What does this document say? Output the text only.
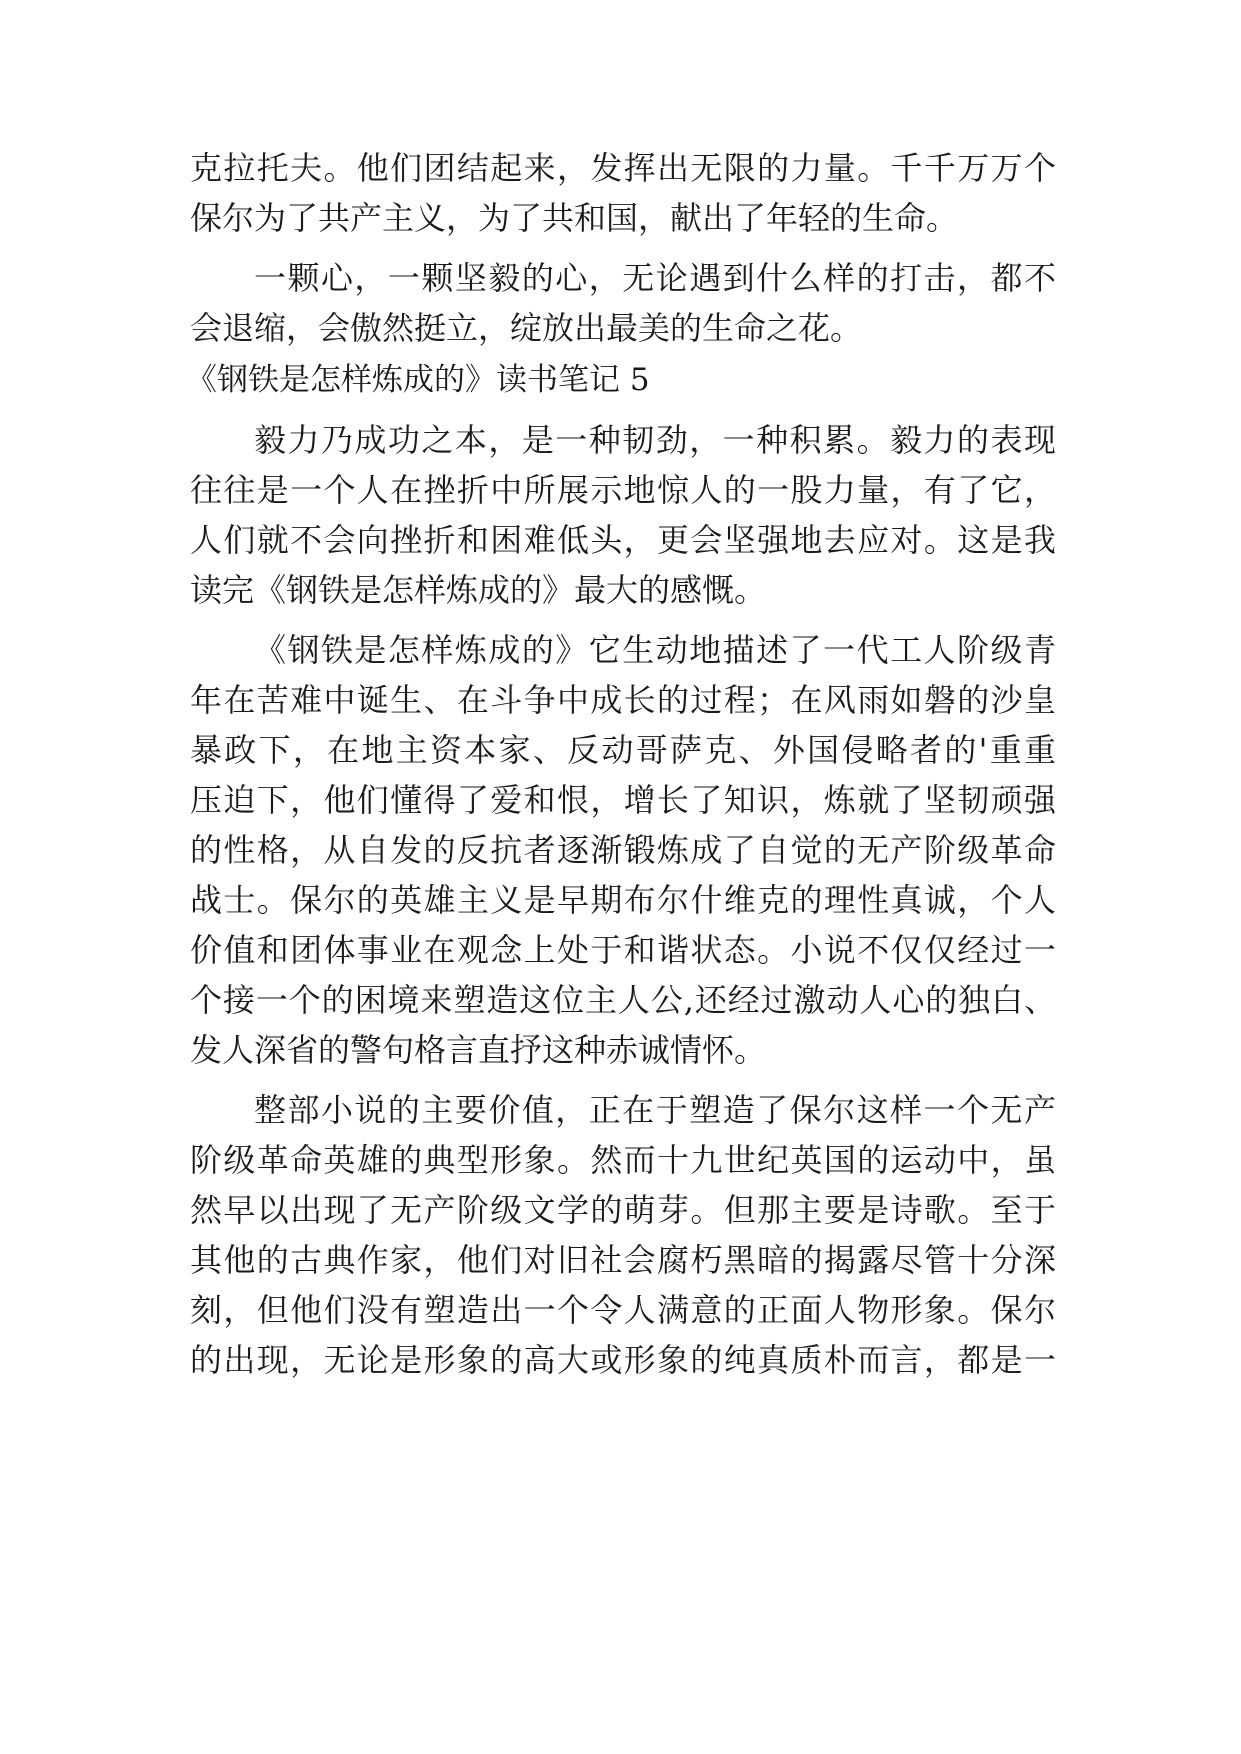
克拉托夫。他们团结起来，发挥出无限的力量。千千万万个
保尔为了共产主义，为了共和国，献出了年轻的生命。
一颗心，一颗坚毅的心，无论遇到什么样的打击，都不
会退缩，会傲然挺立，绽放出最美的生命之花。
《钢铁是怎样炼成的》读书笔记 5
毅力乃成功之本，是一种韧劲，一种积累。毅力的表现
往往是一个人在挫折中所展示地惊人的一股力量，有了它，
人们就不会向挫折和困难低头，更会坚强地去应对。这是我
读完《钢铁是怎样炼成的》最大的感慨。
《钢铁是怎样炼成的》它生动地描述了一代工人阶级青
年在苦难中诞生、在斗争中成长的过程；在风雨如磐的沙皇
暴政下，在地主资本家、反动哥萨克、外国侵略者的'重重
压迫下，他们懂得了爱和恨，增长了知识，炼就了坚韧顽强
的性格，从自发的反抗者逐渐锻炼成了自觉的无产阶级革命
战士。保尔的英雄主义是早期布尔什维克的理性真诚，个人
价值和团体事业在观念上处于和谐状态。小说不仅仅经过一
个接一个的困境来塑造这位主人公,还经过激动人心的独白、
发人深省的警句格言直抒这种赤诚情怀。
整部小说的主要价值，正在于塑造了保尔这样一个无产
阶级革命英雄的典型形象。然而十九世纪英国的运动中，虽
然早以出现了无产阶级文学的萌芽。但那主要是诗歌。至于
其他的古典作家，他们对旧社会腐朽黑暗的揭露尽管十分深
刻，但他们没有塑造出一个令人满意的正面人物形象。保尔
的出现，无论是形象的高大或形象的纯真质朴而言，都是一
